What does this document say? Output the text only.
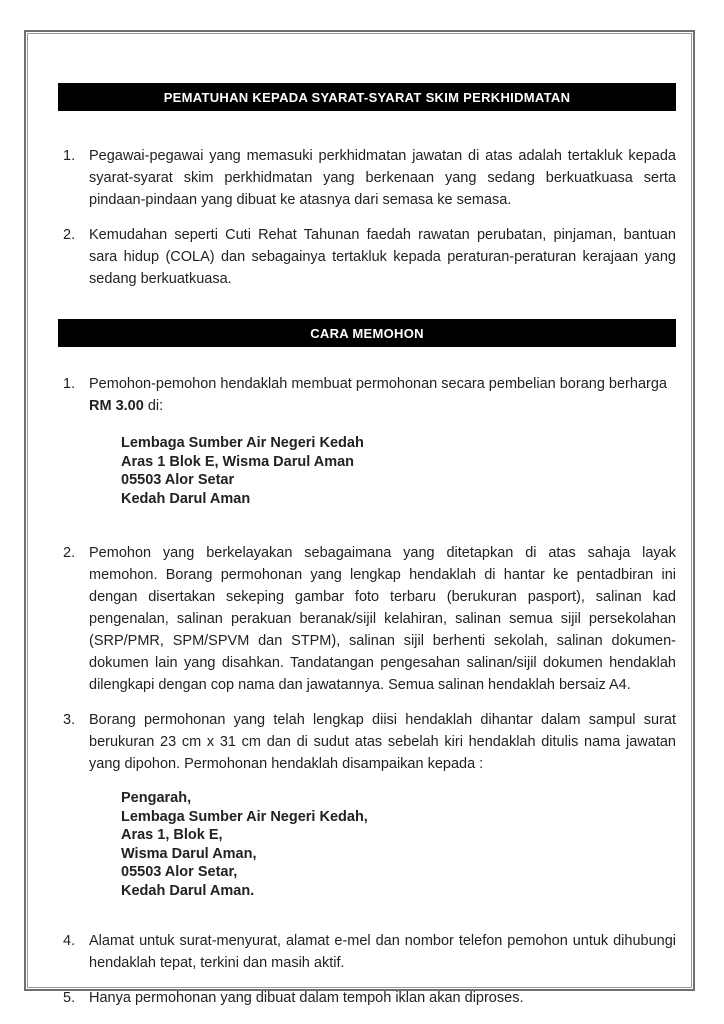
PEMATUHAN KEPADA SYARAT-SYARAT SKIM PERKHIDMATAN
1. Pegawai-pegawai yang memasuki perkhidmatan jawatan di atas adalah tertakluk kepada syarat-syarat skim perkhidmatan yang berkenaan yang sedang berkuatkuasa serta pindaan-pindaan yang dibuat ke atasnya dari semasa ke semasa.
2. Kemudahan seperti Cuti Rehat Tahunan faedah rawatan perubatan, pinjaman, bantuan sara hidup (COLA) dan sebagainya tertakluk kepada peraturan-peraturan kerajaan yang sedang berkuatkuasa.
CARA MEMOHON
1. Pemohon-pemohon hendaklah membuat permohonan secara pembelian borang berharga RM 3.00 di:
Lembaga Sumber Air Negeri Kedah
Aras 1 Blok E, Wisma Darul Aman
05503 Alor Setar
Kedah Darul Aman
2. Pemohon yang berkelayakan sebagaimana yang ditetapkan di atas sahaja layak memohon. Borang permohonan yang lengkap hendaklah di hantar ke pentadbiran ini dengan disertakan sekeping gambar foto terbaru (berukuran pasport), salinan kad pengenalan, salinan perakuan beranak/sijil kelahiran, salinan semua sijil persekolahan (SRP/PMR, SPM/SPVM dan STPM), salinan sijil berhenti sekolah, salinan dokumen-dokumen lain yang disahkan. Tandatangan pengesahan salinan/sijil dokumen hendaklah dilengkapi dengan cop nama dan jawatannya. Semua salinan hendaklah bersaiz A4.
3. Borang permohonan yang telah lengkap diisi hendaklah dihantar dalam sampul surat berukuran 23 cm x 31 cm dan di sudut atas sebelah kiri hendaklah ditulis nama jawatan yang dipohon. Permohonan hendaklah disampaikan kepada :
Pengarah,
Lembaga Sumber Air Negeri Kedah,
Aras 1, Blok E,
Wisma Darul Aman,
05503 Alor Setar,
Kedah Darul Aman.
4. Alamat untuk surat-menyurat, alamat e-mel dan nombor telefon pemohon untuk dihubungi hendaklah tepat, terkini dan masih aktif.
5. Hanya permohonan yang dibuat dalam tempoh iklan akan diproses.
